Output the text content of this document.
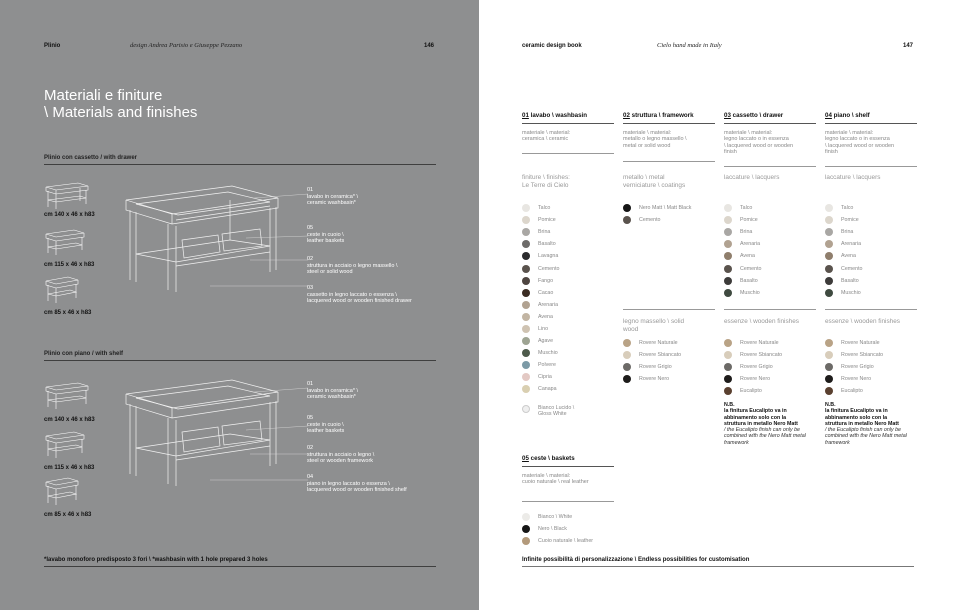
Plinio	design Andrea Parisio e Giuseppe Pezzano	146
Materiali e finiture
\ Materials and finishes
Plinio con cassetto / with drawer
cm 140 x 46 x h83
cm 115 x 46 x h83
cm 85 x 46 x h83
01
lavabo in ceramica* \
ceramic washbasin*
05
ceste in cuoio \
leather baskets
02
struttura in acciaio o legno massello \
steel or solid wood
03
cassetto in legno laccato o essenza \
lacquered wood or wooden finished drawer
Plinio con piano / with shelf
cm 140 x 46 x h83
cm 115 x 46 x h83
cm 85 x 46 x h83
01
lavabo in ceramica* \
ceramic washbasin*
05
ceste in cuoio \
leather baskets
02
struttura in acciaio o legno \
steel or wooden framework
04
piano in legno laccato o essenza \
lacquered wood or wooden finished shelf
*lavabo monoforo predisposto 3 fori \ *washbasin with 1 hole prepared 3 holes
ceramic design book	Cielo hand made in Italy	147
01 lavabo \ washbasin
materiale \ material:
ceramica \ ceramic
finiture \ finishes:
Le Terre di Cielo
Talco
Pomice
Brina
Basalto
Lavagna
Cemento
Fango
Cacao
Arenaria
Avena
Lino
Agave
Muschio
Polvere
Cipria
Canapa
Bianco Lucido \
Gloss White
05 ceste \ baskets
materiale \ material:
cuoio naturale \ real leather
Bianco \ White
Nero \ Black
Cuoio naturale \ leather
02 struttura \ framework
materiale \ material:
metallo o legno massello \
metal or solid wood
metallo \ metal
verniciature \ coatings
Nero Matt \ Matt Black
Cemento
legno massello \ solid
wood
Rovere Naturale
Rovere Sbiancato
Rovere Grigio
Rovere Nero
03 cassetto \ drawer
materiale \ material:
legno laccato o in essenza
\ lacquered wood or wooden
finish
laccature \ lacquers
Talco
Pomice
Brina
Arenaria
Avena
Cemento
Basalto
Muschio
essenze \ wooden finishes
Rovere Naturale
Rovere Sbiancato
Rovere Grigio
Rovere Nero
Eucalipto
N.B.
la finitura Eucalipto va in
abbinamento solo con la
struttura in metallo Nero Matt
/ the Eucalipto finish can only be
combined with the Nero Matt metal
framework
04 piano \ shelf
materiale \ material:
legno laccato o in essenza
\ lacquered wood or wooden
finish
laccature \ lacquers
Talco
Pomice
Brina
Arenaria
Avena
Cemento
Basalto
Muschio
essenze \ wooden finishes
Rovere Naturale
Rovere Sbiancato
Rovere Grigio
Rovere Nero
Eucalipto
N.B.
la finitura Eucalipto va in
abbinamento solo con la
struttura in metallo Nero Matt
/ the Eucalipto finish can only be
combined with the Nero Matt metal
framework
Infinite possibilità di personalizzazione \ Endless possibilities for customisation
